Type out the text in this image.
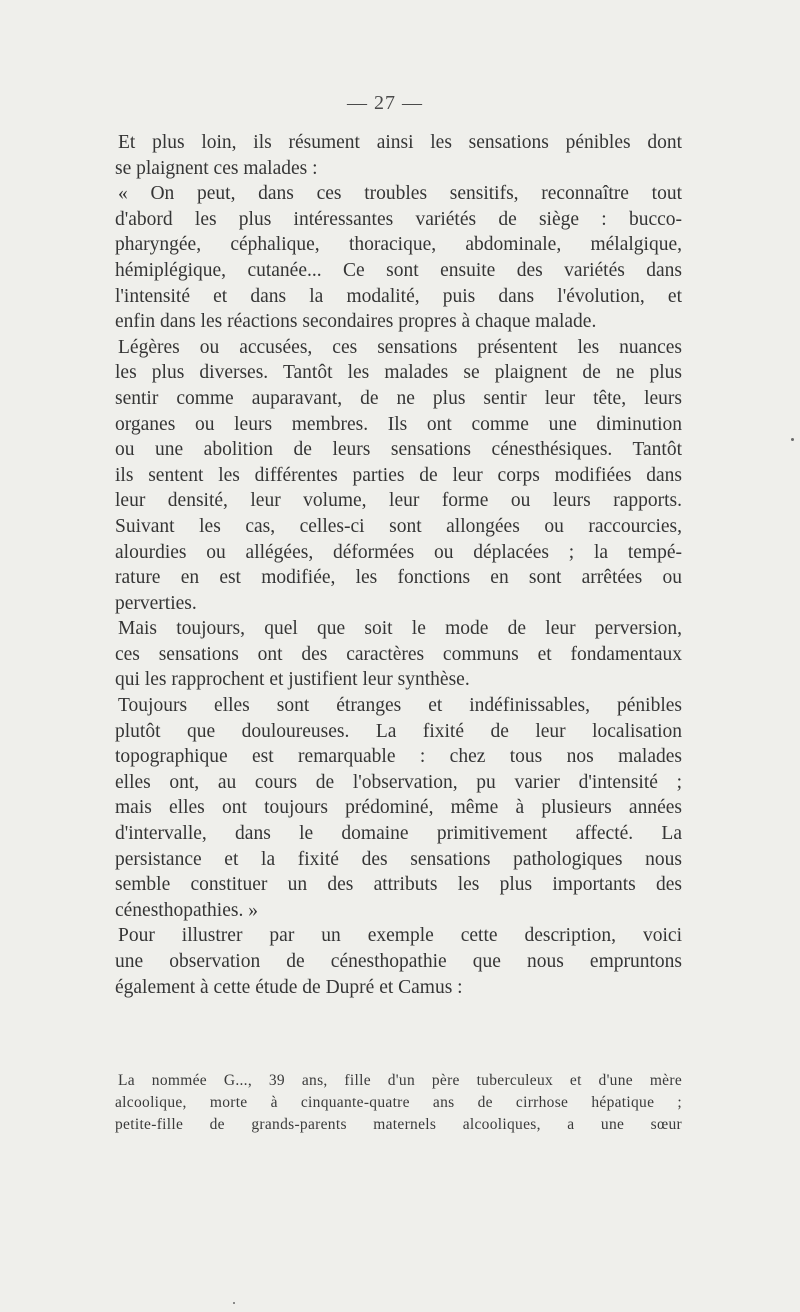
— 27 —
Et plus loin, ils résument ainsi les sensations pénibles dont
se plaignent ces malades :
« On peut, dans ces troubles sensitifs, reconnaître tout
d'abord les plus intéressantes variétés de siège : bucco-
pharyngée, céphalique, thoracique, abdominale, mélalgique,
hémiplégique, cutanée... Ce sont ensuite des variétés dans
l'intensité et dans la modalité, puis dans l'évolution, et
enfin dans les réactions secondaires propres à chaque malade.
Légères ou accusées, ces sensations présentent les nuances
les plus diverses. Tantôt les malades se plaignent de ne plus
sentir comme auparavant, de ne plus sentir leur tête, leurs
organes ou leurs membres. Ils ont comme une diminution
ou une abolition de leurs sensations cénesthésiques. Tantôt
ils sentent les différentes parties de leur corps modifiées dans
leur densité, leur volume, leur forme ou leurs rapports.
Suivant les cas, celles-ci sont allongées ou raccourcies,
alourdies ou allégées, déformées ou déplacées ; la tempé-
rature en est modifiée, les fonctions en sont arrêtées ou
perverties.
Mais toujours, quel que soit le mode de leur perversion,
ces sensations ont des caractères communs et fondamentaux
qui les rapprochent et justifient leur synthèse.
Toujours elles sont étranges et indéfinissables, pénibles
plutôt que douloureuses. La fixité de leur localisation
topographique est remarquable : chez tous nos malades
elles ont, au cours de l'observation, pu varier d'intensité ;
mais elles ont toujours prédominé, même à plusieurs années
d'intervalle, dans le domaine primitivement affecté. La
persistance et la fixité des sensations pathologiques nous
semble constituer un des attributs les plus importants des
cénesthopathies. »
Pour illustrer par un exemple cette description, voici
une observation de cénesthopathie que nous empruntons
également à cette étude de Dupré et Camus :
La nommée G..., 39 ans, fille d'un père tuberculeux et d'une mère
alcoolique, morte à cinquante-quatre ans de cirrhose hépatique ;
petite-fille de grands-parents maternels alcooliques, a une sœur
